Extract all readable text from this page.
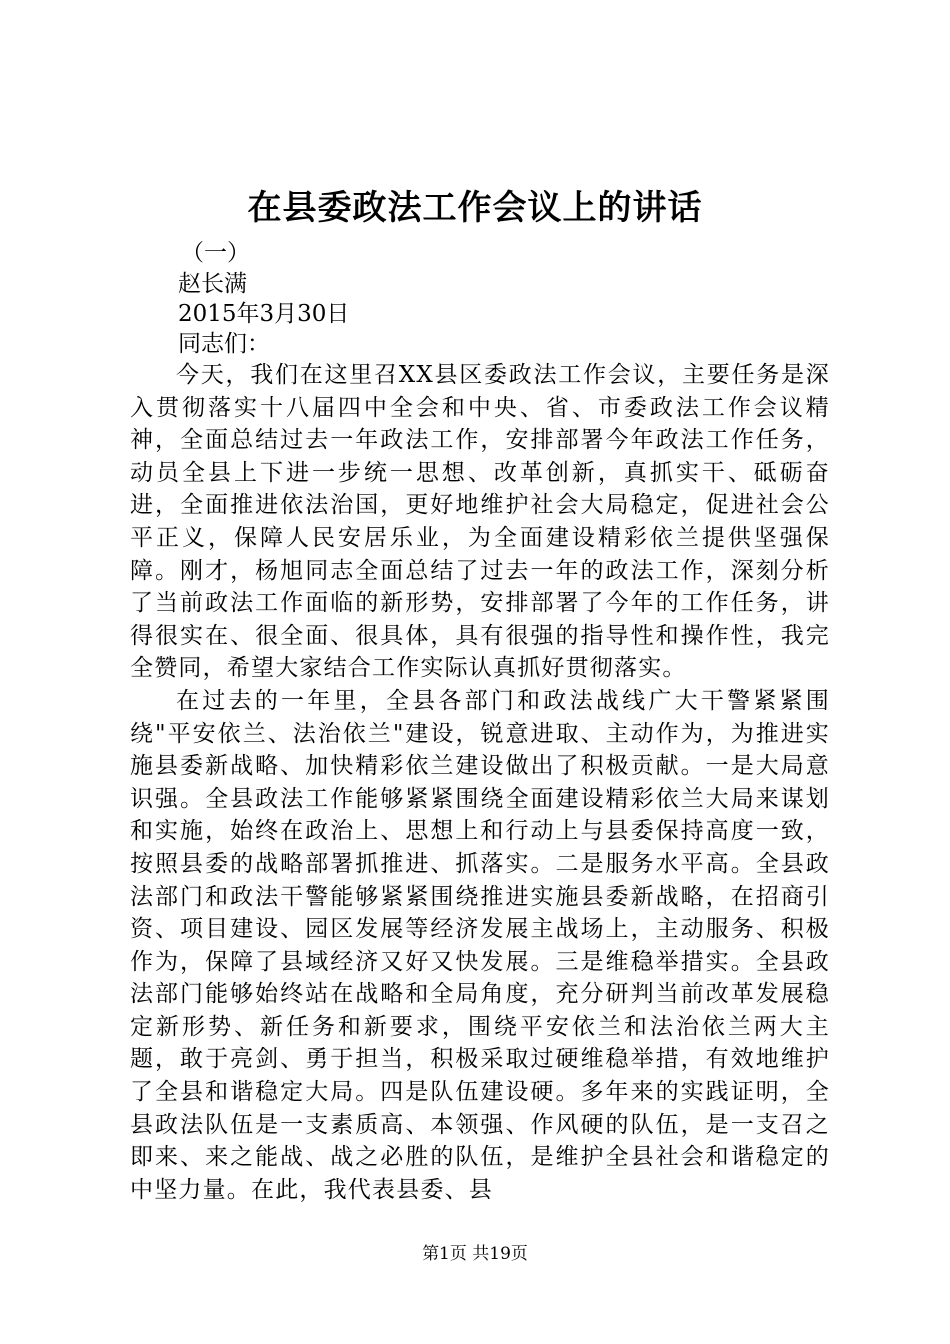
在县委政法工作会议上的讲话
（一）
赵长满
2015年3月30日
同志们：

今天，我们在这里召XX县区委政法工作会议，主要任务是深入贯彻落实十八届四中全会和中央、省、市委政法工作会议精神，全面总结过去一年政法工作，安排部署今年政法工作任务，动员全县上下进一步统一思想、改革创新，真抓实干、砥砺奋进，全面推进依法治国，更好地维护社会大局稳定，促进社会公平正义，保障人民安居乐业，为全面建设精彩依兰提供坚强保障。刚才，杨旭同志全面总结了过去一年的政法工作，深刻分析了当前政法工作面临的新形势，安排部署了今年的工作任务，讲得很实在、很全面、很具体，具有很强的指导性和操作性，我完全赞同，希望大家结合工作实际认真抓好贯彻落实。

在过去的一年里，全县各部门和政法战线广大干警紧紧围绕"平安依兰、法治依兰"建设，锐意进取、主动作为，为推进实施县委新战略、加快精彩依兰建设做出了积极贡献。一是大局意识强。全县政法工作能够紧紧围绕全面建设精彩依兰大局来谋划和实施，始终在政治上、思想上和行动上与县委保持高度一致，按照县委的战略部署抓推进、抓落实。二是服务水平高。全县政法部门和政法干警能够紧紧围绕推进实施县委新战略，在招商引资、项目建设、园区发展等经济发展主战场上，主动服务、积极作为，保障了县域经济又好又快发展。三是维稳举措实。全县政法部门能够始终站在战略和全局角度，充分研判当前改革发展稳定新形势、新任务和新要求，围绕平安依兰和法治依兰两大主题，敢于亮剑、勇于担当，积极采取过硬维稳举措，有效地维护了全县和谐稳定大局。四是队伍建设硬。多年来的实践证明，全县政法队伍是一支素质高、本领强、作风硬的队伍，是一支召之即来、来之能战、战之必胜的队伍，是维护全县社会和谐稳定的中坚力量。在此，我代表县委、县

第1页 共19页
